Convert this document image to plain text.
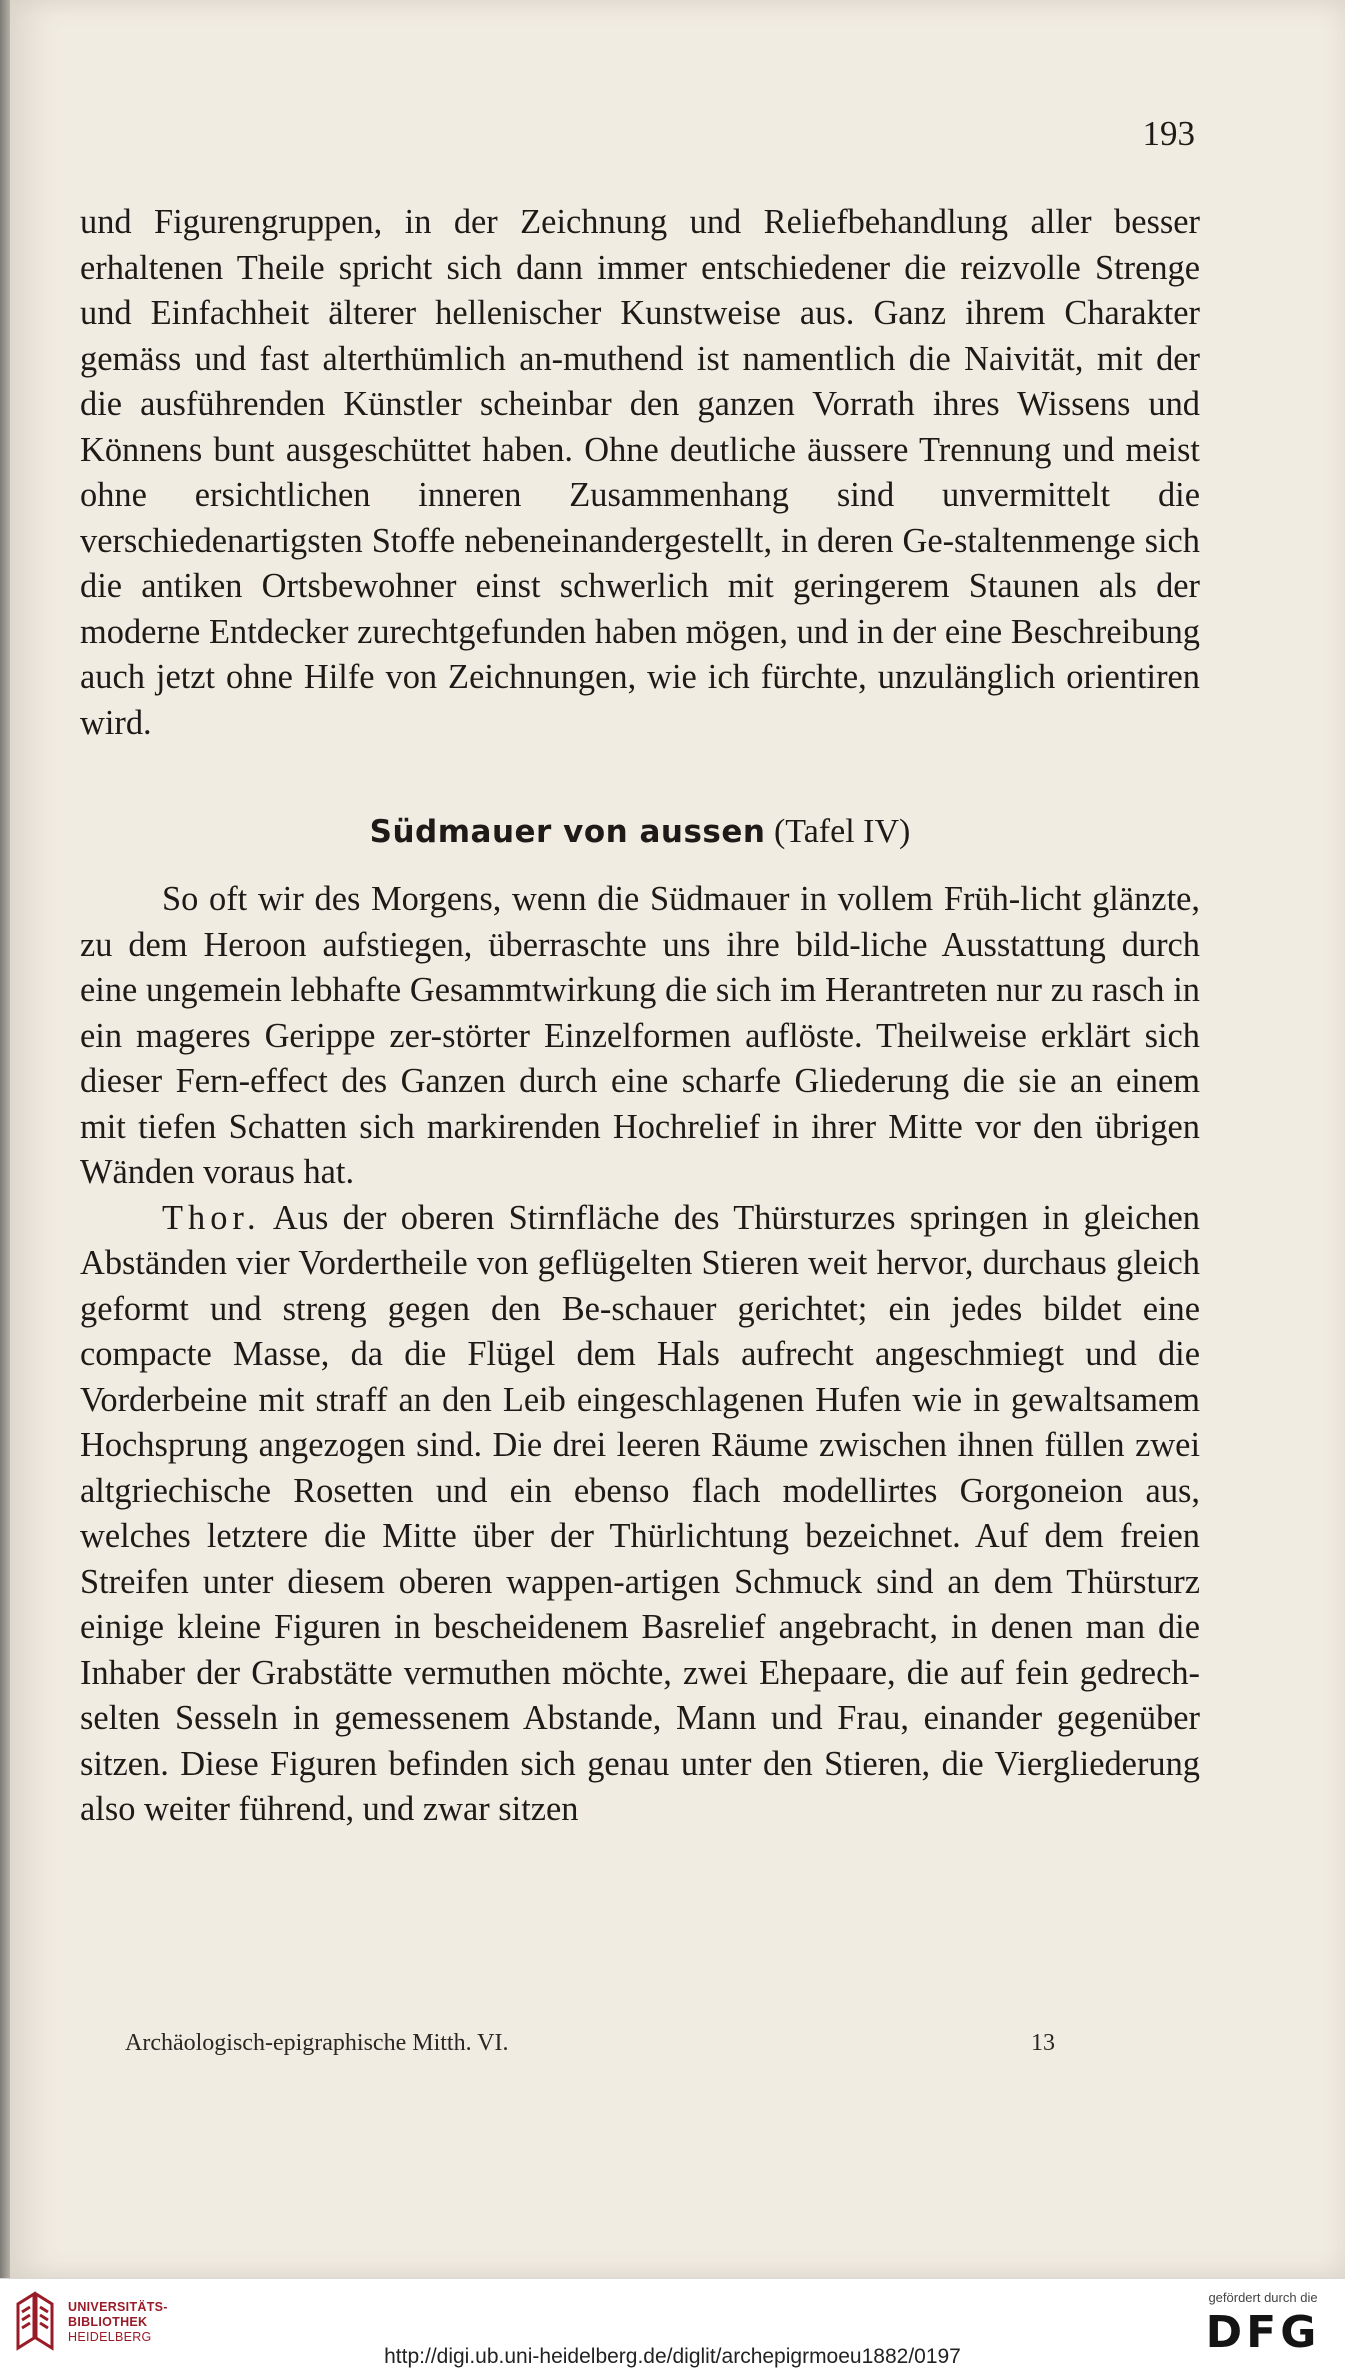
193

und Figurengruppen, in der Zeichnung und Reliefbehandlung aller besser erhaltenen Theile spricht sich dann immer entschiedener die reizvolle Strenge und Einfachheit älterer hellenischer Kunstweise aus. Ganz ihrem Charakter gemäss und fast alterthümlich an-muthend ist namentlich die Naivität, mit der die ausführenden Künstler scheinbar den ganzen Vorrath ihres Wissens und Könnens bunt ausgeschüttet haben. Ohne deutliche äussere Trennung und meist ohne ersichtlichen inneren Zusammenhang sind unvermittelt die verschiedenartigsten Stoffe nebeneinandergestellt, in deren Ge-staltenmenge sich die antiken Ortsbewohner einst schwerlich mit geringerem Staunen als der moderne Entdecker zurechtgefunden haben mögen, und in der eine Beschreibung auch jetzt ohne Hilfe von Zeichnungen, wie ich fürchte, unzulänglich orientiren wird.

Südmauer von aussen (Tafel IV)

So oft wir des Morgens, wenn die Südmauer in vollem Früh-licht glänzte, zu dem Heroon aufstiegen, überraschte uns ihre bild-liche Ausstattung durch eine ungemein lebhafte Gesammtwirkung die sich im Herantreten nur zu rasch in ein mageres Gerippe zer-störter Einzelformen auflöste. Theilweise erklärt sich dieser Fern-effect des Ganzen durch eine scharfe Gliederung die sie an einem mit tiefen Schatten sich markirenden Hochrelief in ihrer Mitte vor den übrigen Wänden voraus hat.

Thor. Aus der oberen Stirnfläche des Thürsturzes springen in gleichen Abständen vier Vordertheile von geflügelten Stieren weit hervor, durchaus gleich geformt und streng gegen den Be-schauer gerichtet; ein jedes bildet eine compacte Masse, da die Flügel dem Hals aufrecht angeschmiegt und die Vorderbeine mit straff an den Leib eingeschlagenen Hufen wie in gewaltsamem Hochsprung angezogen sind. Die drei leeren Räume zwischen ihnen füllen zwei altgriechische Rosetten und ein ebenso flach modellirtes Gorgoneion aus, welches letztere die Mitte über der Thürlichtung bezeichnet. Auf dem freien Streifen unter diesem oberen wappen-artigen Schmuck sind an dem Thürsturz einige kleine Figuren in bescheidenem Basrelief angebracht, in denen man die Inhaber der Grabstätte vermuthen möchte, zwei Ehepaare, die auf fein gedrech-selten Sesseln in gemessenem Abstande, Mann und Frau, einander gegenüber sitzen. Diese Figuren befinden sich genau unter den Stieren, die Viergliederung also weiter führend, und zwar sitzen

Archäologisch-epigraphische Mitth. VI.	13
UNIVERSITÄTS-
BIBLIOTHEK
HEIDELBERG
http://digi.ub.uni-heidelberg.de/diglit/archepigrmoeu1882/0197
gefördert durch die
DFG
